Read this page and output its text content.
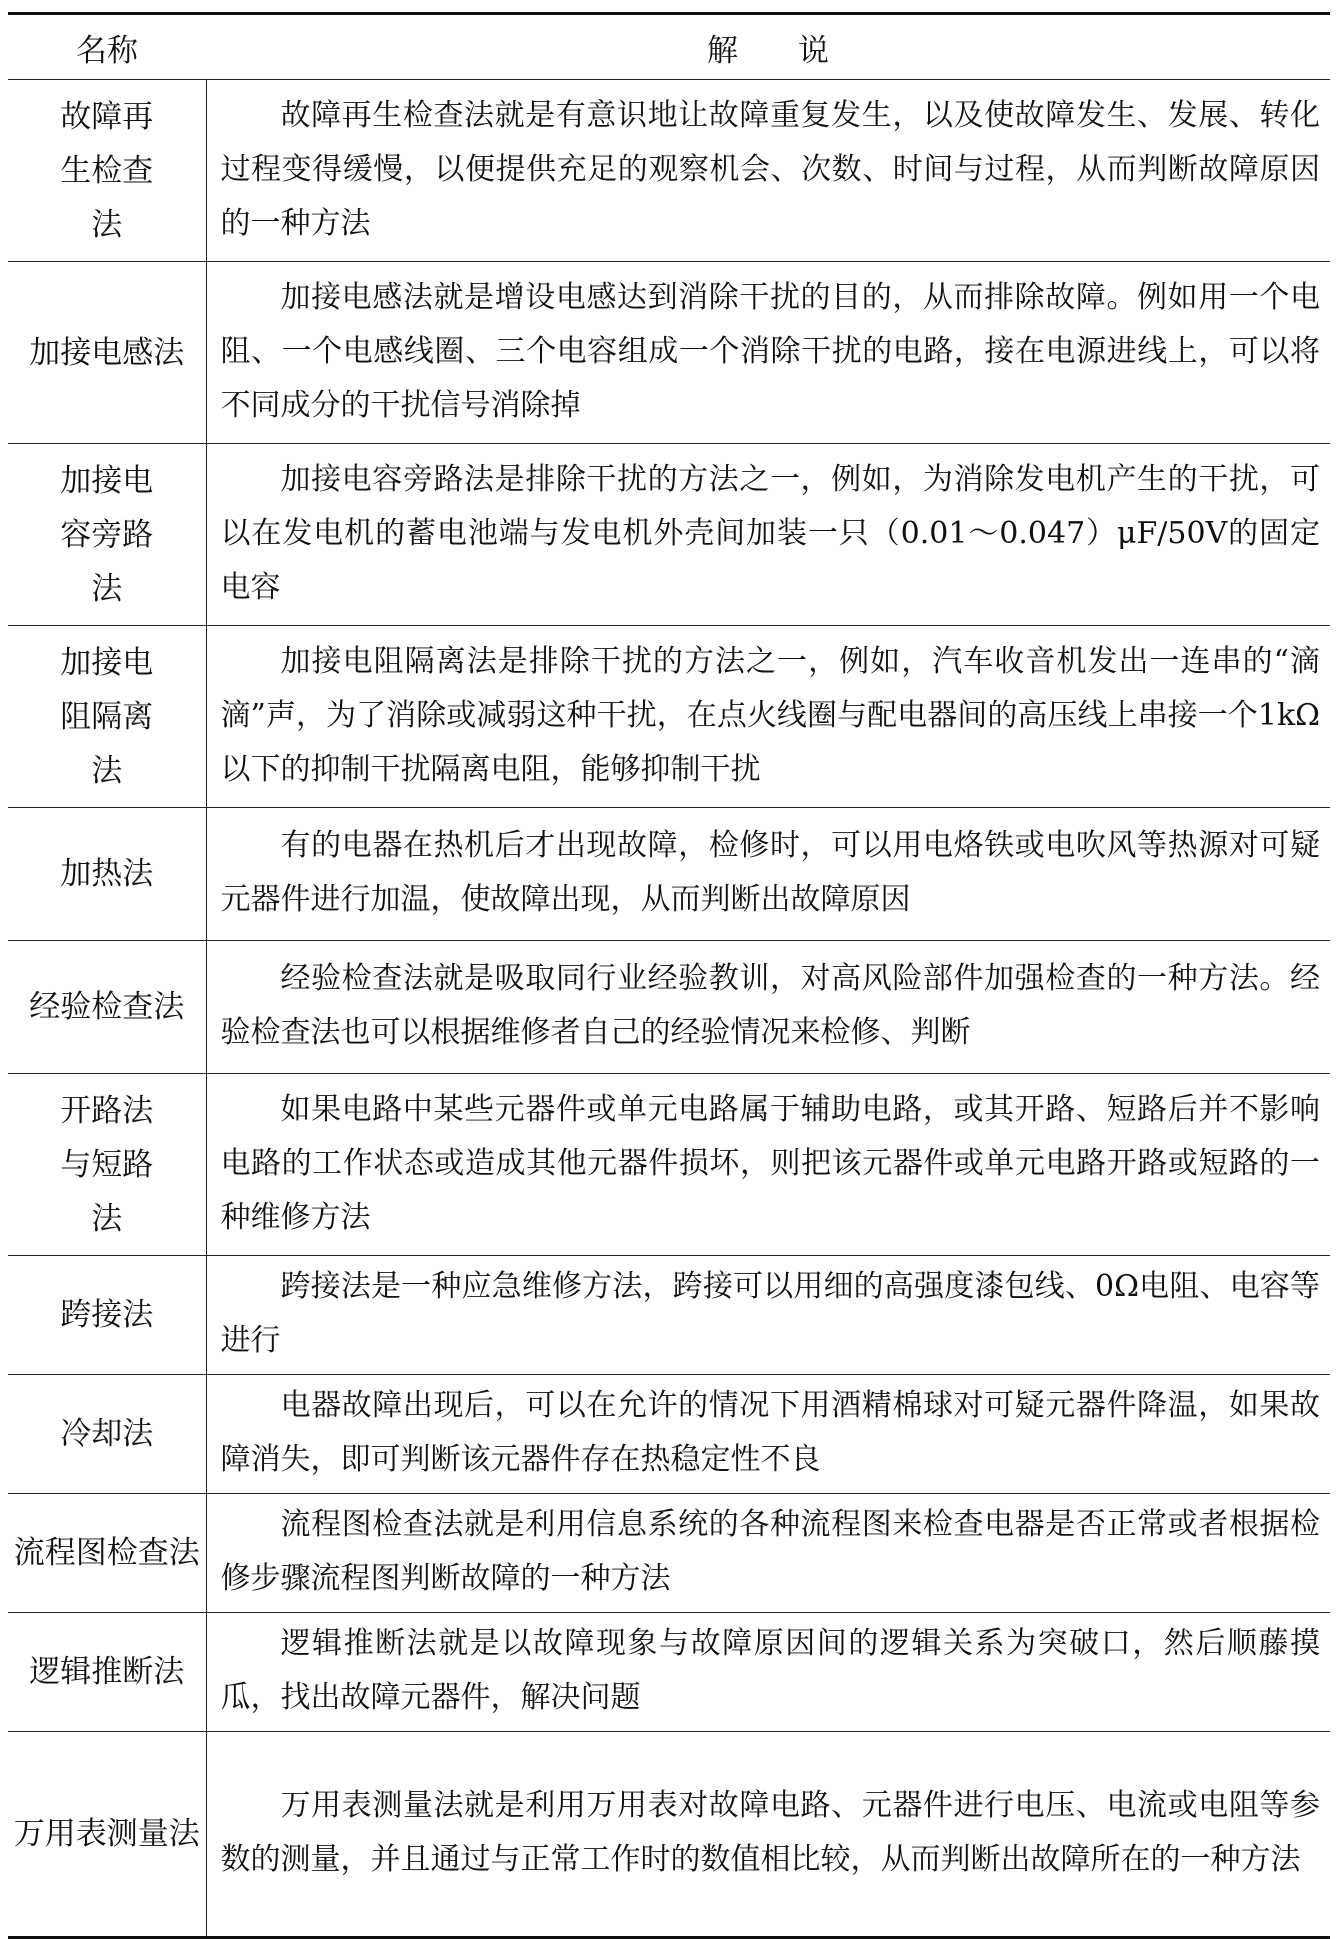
名称	解说
故障再生检查法	故障再生检查法就是有意识地让故障重复发生，以及使故障发生、发展、转化过程变得缓慢，以便提供充足的观察机会、次数、时间与过程，从而判断故障原因的一种方法
加接电感法	加接电感法就是增设电感达到消除干扰的目的，从而排除故障。例如用一个电阻、一个电感线圈、三个电容组成一个消除干扰的电路，接在电源进线上，可以将不同成分的干扰信号消除掉
加接电容旁路法	加接电容旁路法是排除干扰的方法之一，例如，为消除发电机产生的干扰，可以在发电机的蓄电池端与发电机外壳间加装一只（0.01～0.047）μF/50V的固定电容
加接电阻隔离法	加接电阻隔离法是排除干扰的方法之一，例如，汽车收音机发出一连串的“滴滴”声，为了消除或减弱这种干扰，在点火线圈与配电器间的高压线上串接一个1kΩ以下的抑制干扰隔离电阻，能够抑制干扰
加热法	有的电器在热机后才出现故障，检修时，可以用电烙铁或电吹风等热源对可疑元器件进行加温，使故障出现，从而判断出故障原因
经验检查法	经验检查法就是吸取同行业经验教训，对高风险部件加强检查的一种方法。经验检查法也可以根据维修者自己的经验情况来检修、判断
开路法与短路法	如果电路中某些元器件或单元电路属于辅助电路，或其开路、短路后并不影响电路的工作状态或造成其他元器件损坏，则把该元器件或单元电路开路或短路的一种维修方法
跨接法	跨接法是一种应急维修方法，跨接可以用细的高强度漆包线、0Ω电阻、电容等进行
冷却法	电器故障出现后，可以在允许的情况下用酒精棉球对可疑元器件降温，如果故障消失，即可判断该元器件存在热稳定性不良
流程图检查法	流程图检查法就是利用信息系统的各种流程图来检查电器是否正常或者根据检修步骤流程图判断故障的一种方法
逻辑推断法	逻辑推断法就是以故障现象与故障原因间的逻辑关系为突破口，然后顺藤摸瓜，找出故障元器件，解决问题
万用表测量法	万用表测量法就是利用万用表对故障电路、元器件进行电压、电流或电阻等参数的测量，并且通过与正常工作时的数值相比较，从而判断出故障所在的一种方法
